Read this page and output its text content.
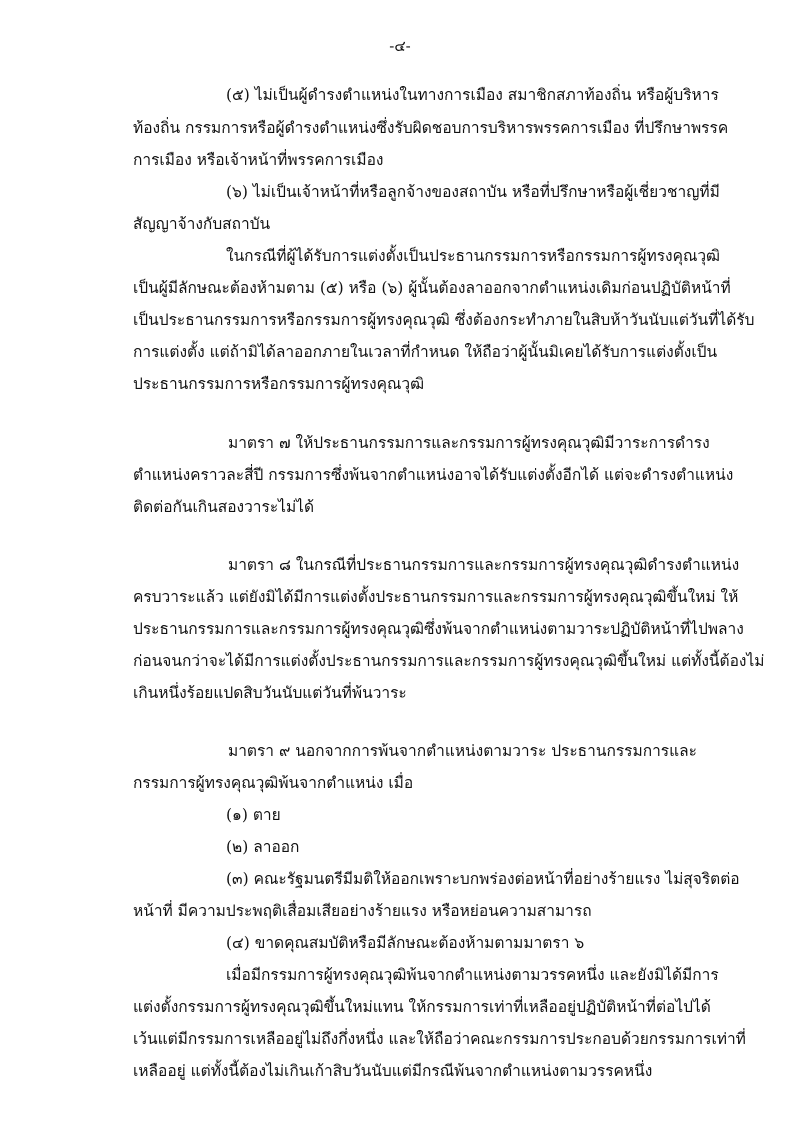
-๔-
(๕) ไม่เป็นผู้ดำรงตำแหน่งในทางการเมือง สมาชิกสภาท้องถิ่น หรือผู้บริหาร
ท้องถิ่น กรรมการหรือผู้ดำรงตำแหน่งซึ่งรับผิดชอบการบริหารพรรคการเมือง ที่ปรึกษาพรรค
การเมือง หรือเจ้าหน้าที่พรรคการเมือง
(๖) ไม่เป็นเจ้าหน้าที่หรือลูกจ้างของสถาบัน หรือที่ปรึกษาหรือผู้เชี่ยวชาญที่มี
สัญญาจ้างกับสถาบัน
ในกรณีที่ผู้ได้รับการแต่งตั้งเป็นประธานกรรมการหรือกรรมการผู้ทรงคุณวุฒิ
เป็นผู้มีลักษณะต้องห้ามตาม (๕) หรือ (๖) ผู้นั้นต้องลาออกจากตำแหน่งเดิมก่อนปฏิบัติหน้าที่
เป็นประธานกรรมการหรือกรรมการผู้ทรงคุณวุฒิ ซึ่งต้องกระทำภายในสิบห้าวันนับแต่วันที่ได้รับ
การแต่งตั้ง แต่ถ้ามิได้ลาออกภายในเวลาที่กำหนด ให้ถือว่าผู้นั้นมิเคยได้รับการแต่งตั้งเป็น
ประธานกรรมการหรือกรรมการผู้ทรงคุณวุฒิ
มาตรา ๗ ให้ประธานกรรมการและกรรมการผู้ทรงคุณวุฒิมีวาระการดำรง
ตำแหน่งคราวละสี่ปี กรรมการซึ่งพ้นจากตำแหน่งอาจได้รับแต่งตั้งอีกได้ แต่จะดำรงตำแหน่ง
ติดต่อกันเกินสองวาระไม่ได้
มาตรา ๘ ในกรณีที่ประธานกรรมการและกรรมการผู้ทรงคุณวุฒิดำรงตำแหน่ง
ครบวาระแล้ว แต่ยังมิได้มีการแต่งตั้งประธานกรรมการและกรรมการผู้ทรงคุณวุฒิขึ้นใหม่ ให้
ประธานกรรมการและกรรมการผู้ทรงคุณวุฒิซึ่งพ้นจากตำแหน่งตามวาระปฏิบัติหน้าที่ไปพลาง
ก่อนจนกว่าจะได้มีการแต่งตั้งประธานกรรมการและกรรมการผู้ทรงคุณวุฒิขึ้นใหม่ แต่ทั้งนี้ต้องไม่
เกินหนึ่งร้อยแปดสิบวันนับแต่วันที่พ้นวาระ
มาตรา ๙ นอกจากการพ้นจากตำแหน่งตามวาระ ประธานกรรมการและ
กรรมการผู้ทรงคุณวุฒิพ้นจากตำแหน่ง เมื่อ
(๑) ตาย
(๒) ลาออก
(๓) คณะรัฐมนตรีมีมติให้ออกเพราะบกพร่องต่อหน้าที่อย่างร้ายแรง ไม่สุจริตต่อ
หน้าที่ มีความประพฤติเสื่อมเสียอย่างร้ายแรง หรือหย่อนความสามารถ
(๔) ขาดคุณสมบัติหรือมีลักษณะต้องห้ามตามมาตรา ๖
เมื่อมีกรรมการผู้ทรงคุณวุฒิพ้นจากตำแหน่งตามวรรคหนึ่ง และยังมิได้มีการ
แต่งตั้งกรรมการผู้ทรงคุณวุฒิขึ้นใหม่แทน ให้กรรมการเท่าที่เหลืออยู่ปฏิบัติหน้าที่ต่อไปได้
เว้นแต่มีกรรมการเหลืออยู่ไม่ถึงกึ่งหนึ่ง และให้ถือว่าคณะกรรมการประกอบด้วยกรรมการเท่าที่
เหลืออยู่ แต่ทั้งนี้ต้องไม่เกินเก้าสิบวันนับแต่มีกรณีพ้นจากตำแหน่งตามวรรคหนึ่ง
